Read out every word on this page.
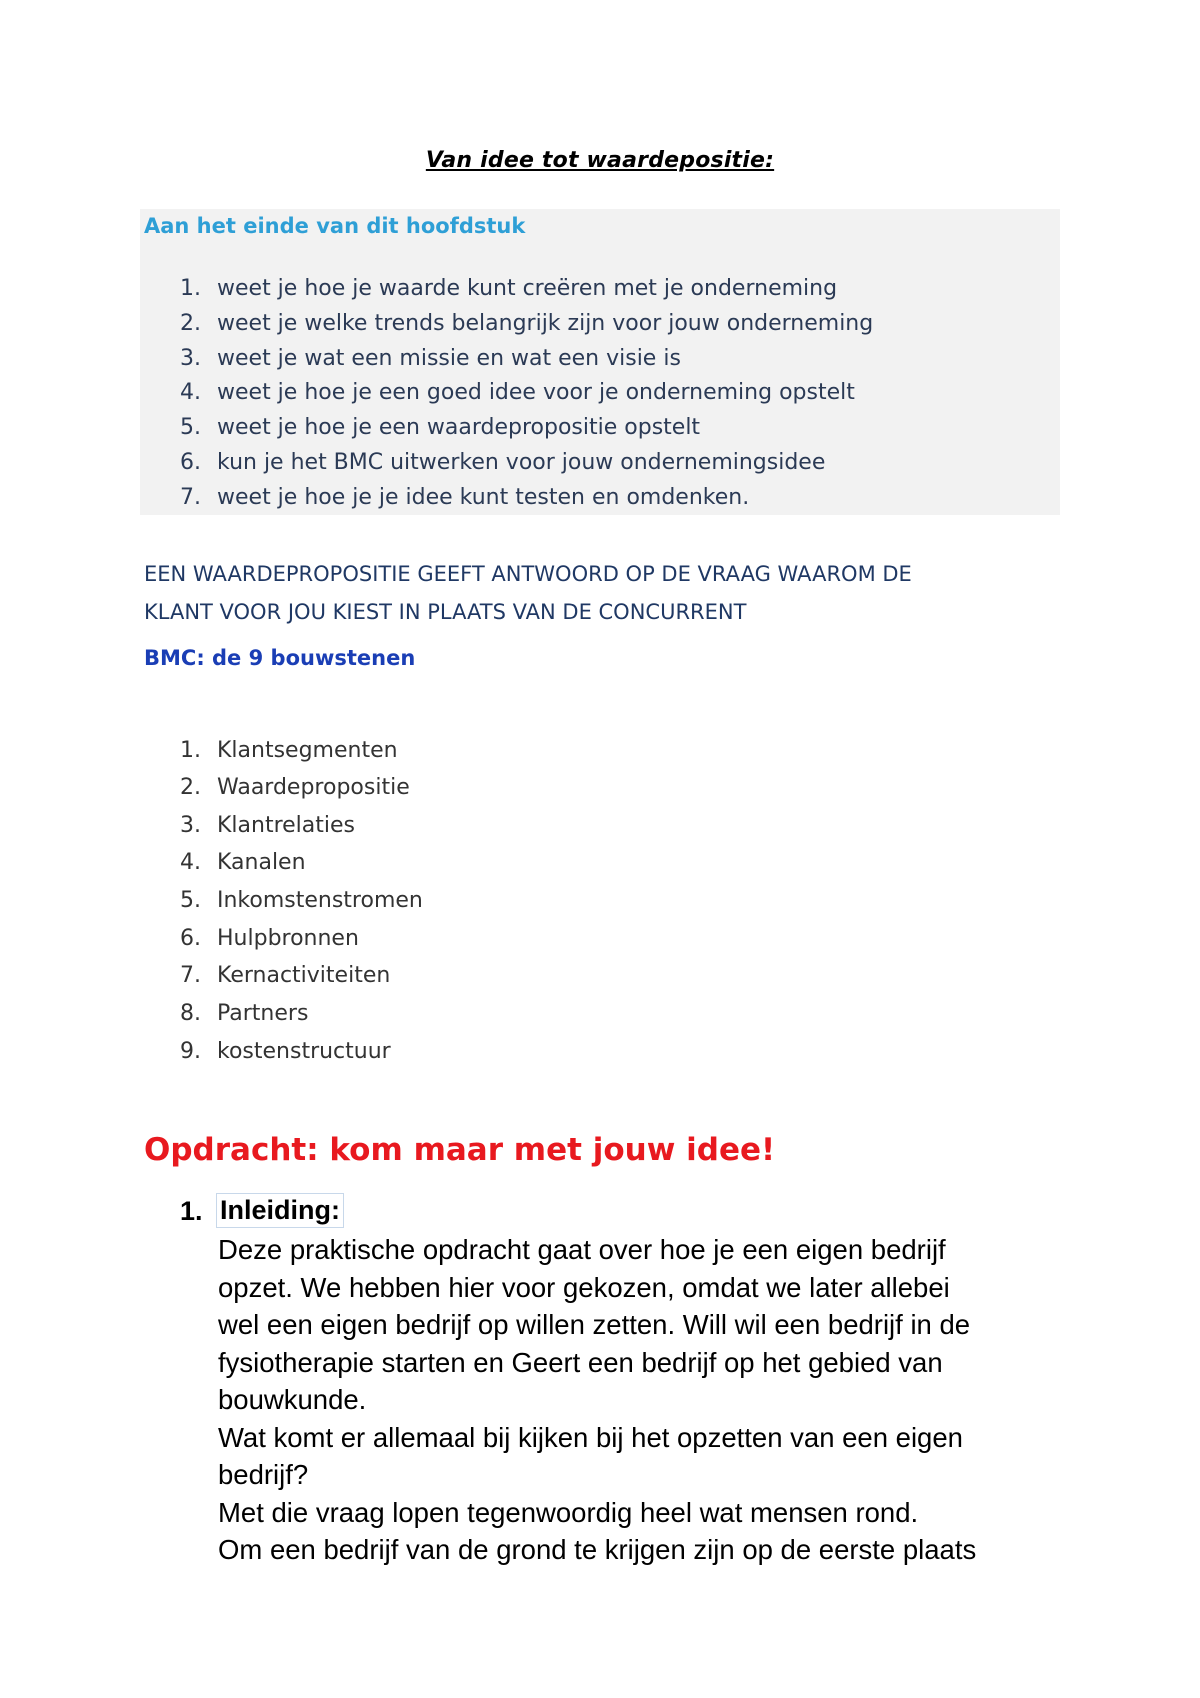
Van idee tot waardepositie:
Aan het einde van dit hoofdstuk
1. weet je hoe je waarde kunt creëren met je onderneming
2. weet je welke trends belangrijk zijn voor jouw onderneming
3. weet je wat een missie en wat een visie is
4. weet je hoe je een goed idee voor je onderneming opstelt
5. weet je hoe je een waardepropositie opstelt
6. kun je het BMC uitwerken voor jouw ondernemingsidee
7. weet je hoe je je idee kunt testen en omdenken.
EEN WAARDEPROPOSITIE GEEFT ANTWOORD OP DE VRAAG WAAROM DE
KLANT VOOR JOU KIEST IN PLAATS VAN DE CONCURRENT
BMC: de 9 bouwstenen
1. Klantsegmenten
2. Waardepropositie
3. Klantrelaties
4. Kanalen
5. Inkomstenstromen
6. Hulpbronnen
7. Kernactiviteiten
8. Partners
9. kostenstructuur
Opdracht: kom maar met jouw idee!
1. Inleiding:
Deze praktische opdracht gaat over hoe je een eigen bedrijf
opzet. We hebben hier voor gekozen, omdat we later allebei
wel een eigen bedrijf op willen zetten. Will wil een bedrijf in de
fysiotherapie starten en Geert een bedrijf op het gebied van
bouwkunde.
Wat komt er allemaal bij kijken bij het opzetten van een eigen
bedrijf?
Met die vraag lopen tegenwoordig heel wat mensen rond.
Om een bedrijf van de grond te krijgen zijn op de eerste plaats
